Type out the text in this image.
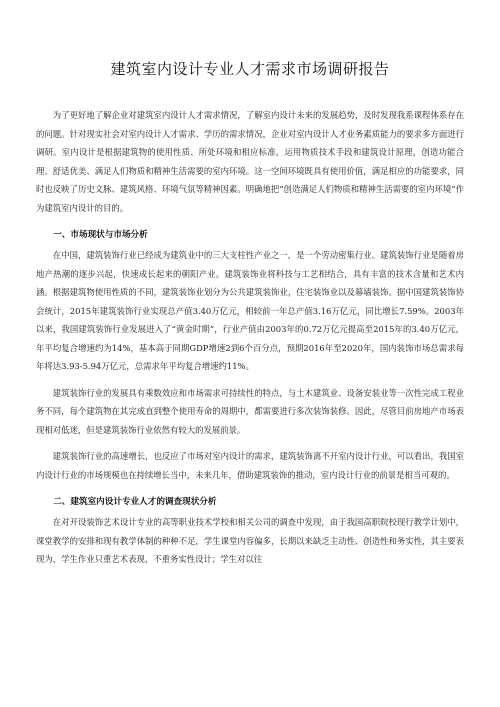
建筑室内设计专业人才需求市场调研报告

为了更好地了解企业对建筑室内设计人才需求情况，了解室内设计未来的发展趋势，及时发现我系课程体系存在的问题。针对现实社会对室内设计人才需求、学历的需求情况，企业对室内设计人才业务素质能力的要求多方面进行调研。室内设计是根据建筑物的使用性质、所处环境和相应标准，运用物质技术手段和建筑设计原理，创造功能合理、舒适优美、满足人们物质和精神生活需要的室内环境。这一空间环境既具有使用价值，满足相应的功能要求，同时也反映了历史文脉、建筑风格、环境气氛等精神因素。明确地把“创造满足人们物质和精神生活需要的室内环境”作为建筑室内设计的目的。

一、市场现状与市场分析

在中国，建筑装饰行业已经成为建筑业中的三大支柱性产业之一，是一个劳动密集行业。建筑装饰行业是随着房地产热潮的逐步兴起，快速成长起来的朝阳产业。建筑装饰业将科技与工艺相结合，具有丰富的技术含量和艺术内涵。根据建筑物使用性质的不同，建筑装饰业划分为公共建筑装饰业，住宅装饰业以及幕墙装饰。据中国建筑装饰协会统计，2015年建筑装饰行业实现总产值3.40万亿元，相较前一年总产值3.16万亿元，同比增长7.59%。2003年以来，我国建筑装饰行业发展进入了“黄金时期”，行业产值由2003年的0.72万亿元提高至2015年的3.40万亿元，年平均复合增速约为14%，基本高于同期GDP增速2到6个百分点，预期2016年至2020年，国内装饰市场总需求每年将达3.93-5.94万亿元，总需求年平均复合增速约11%。

建筑装饰行业的发展具有乘数效应和市场需求可持续性的特点，与土木建筑业、设备安装业等一次性完成工程业务不同，每个建筑物在其完成直到整个使用寿命的周期中，都需要进行多次装饰装修。因此，尽管目前房地产市场表现相对低迷，但是建筑装饰行业依然有较大的发展前景。

建筑装饰行业的高速增长，也反应了市场对室内设计的需求，建筑装饰离不开室内设计行业，可以看出，我国室内设计行业的市场规模也在持续增长当中，未来几年，借助建筑装饰的推动，室内设计行业的前景是相当可观的。

二、建筑室内设计专业人才的调查现状分析

在对开设装饰艺术设计专业的高等职业技术学校和相关公司的调查中发现，由于我国高职院校现行教学计划中，课堂教学的安排和现有教学体制的种种不足，学生课堂内容偏多，长期以来缺乏主动性、创造性和务实性，其主要表现为，学生作业只重艺术表现，不重务实性设计；学生对以往
